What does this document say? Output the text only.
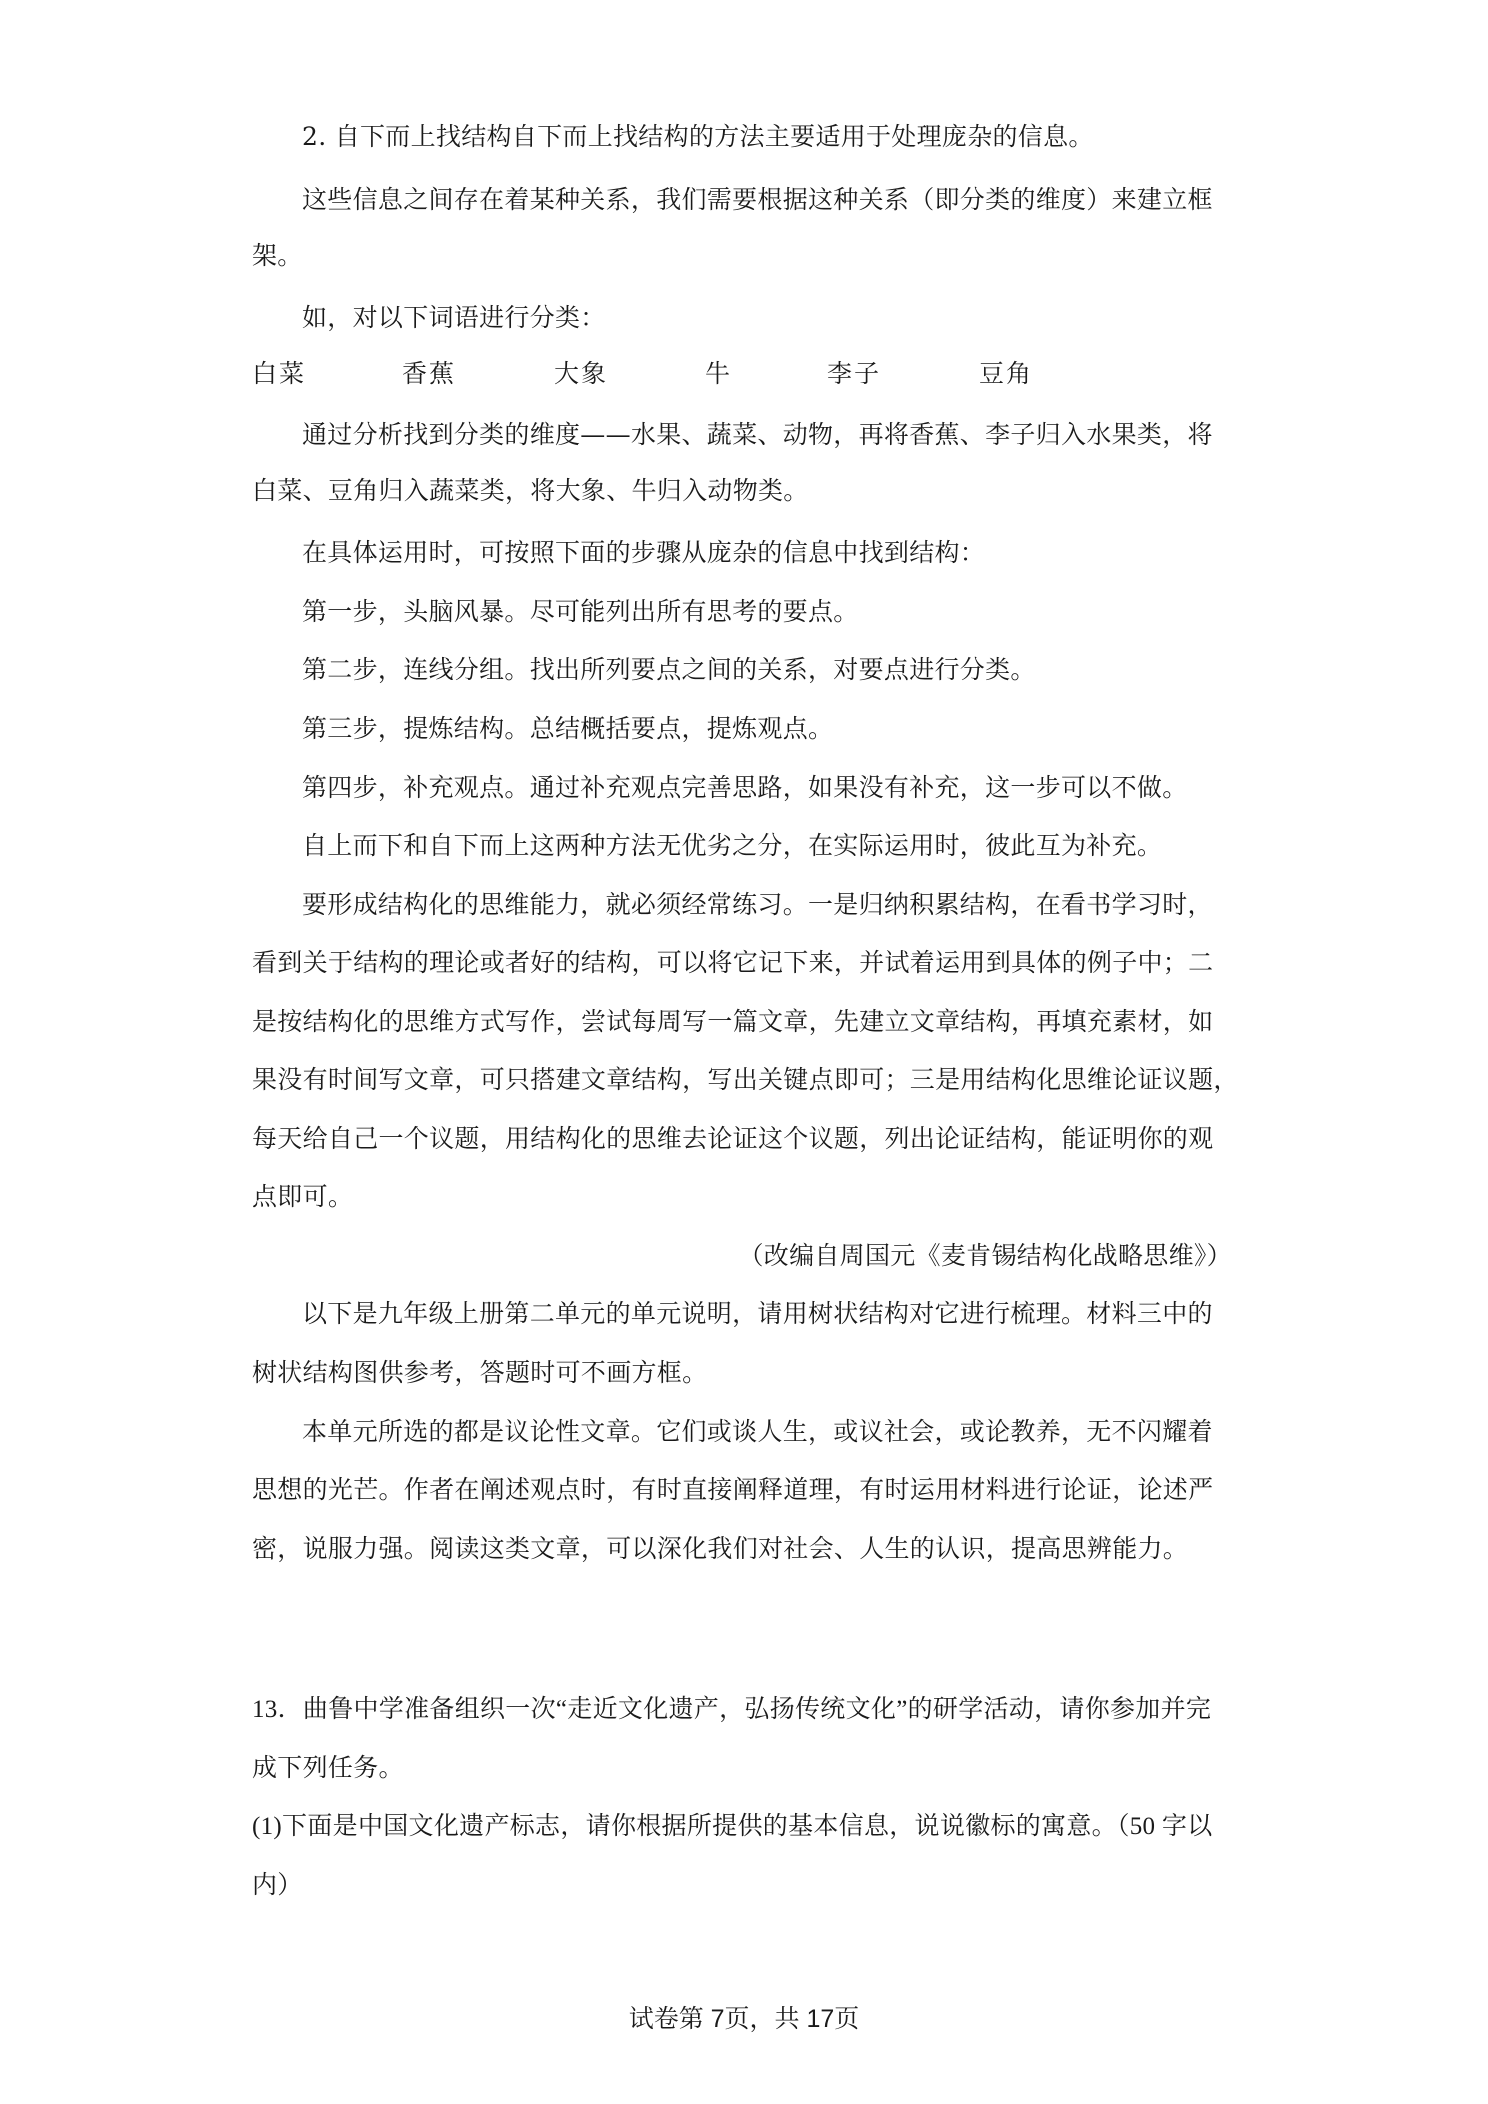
2. 自下而上找结构自下而上找结构的方法主要适用于处理庞杂的信息。
这些信息之间存在着某种关系，我们需要根据这种关系（即分类的维度）来建立框
架。
如，对以下词语进行分类：
白菜	香蕉	大象	牛	李子	豆角
通过分析找到分类的维度——水果、蔬菜、动物，再将香蕉、李子归入水果类，将
白菜、豆角归入蔬菜类，将大象、牛归入动物类。
在具体运用时，可按照下面的步骤从庞杂的信息中找到结构：
第一步，头脑风暴。尽可能列出所有思考的要点。
第二步，连线分组。找出所列要点之间的关系，对要点进行分类。
第三步，提炼结构。总结概括要点，提炼观点。
第四步，补充观点。通过补充观点完善思路，如果没有补充，这一步可以不做。
自上而下和自下而上这两种方法无优劣之分，在实际运用时，彼此互为补充。
要形成结构化的思维能力，就必须经常练习。一是归纳积累结构，在看书学习时，
看到关于结构的理论或者好的结构，可以将它记下来，并试着运用到具体的例子中；二
是按结构化的思维方式写作，尝试每周写一篇文章，先建立文章结构，再填充素材，如
果没有时间写文章，可只搭建文章结构，写出关键点即可；三是用结构化思维论证议题，
每天给自己一个议题，用结构化的思维去论证这个议题，列出论证结构，能证明你的观
点即可。
（改编自周国元《麦肯锡结构化战略思维》）
以下是九年级上册第二单元的单元说明，请用树状结构对它进行梳理。材料三中的
树状结构图供参考，答题时可不画方框。
本单元所选的都是议论性文章。它们或谈人生，或议社会，或论教养，无不闪耀着
思想的光芒。作者在阐述观点时，有时直接阐释道理，有时运用材料进行论证，论述严
密，说服力强。阅读这类文章，可以深化我们对社会、人生的认识，提高思辨能力。
13．曲鲁中学准备组织一次“走近文化遗产，弘扬传统文化”的研学活动，请你参加并完
成下列任务。
(1)下面是中国文化遗产标志，请你根据所提供的基本信息，说说徽标的寓意。（50 字以
内）
试卷第 7页，共 17页
